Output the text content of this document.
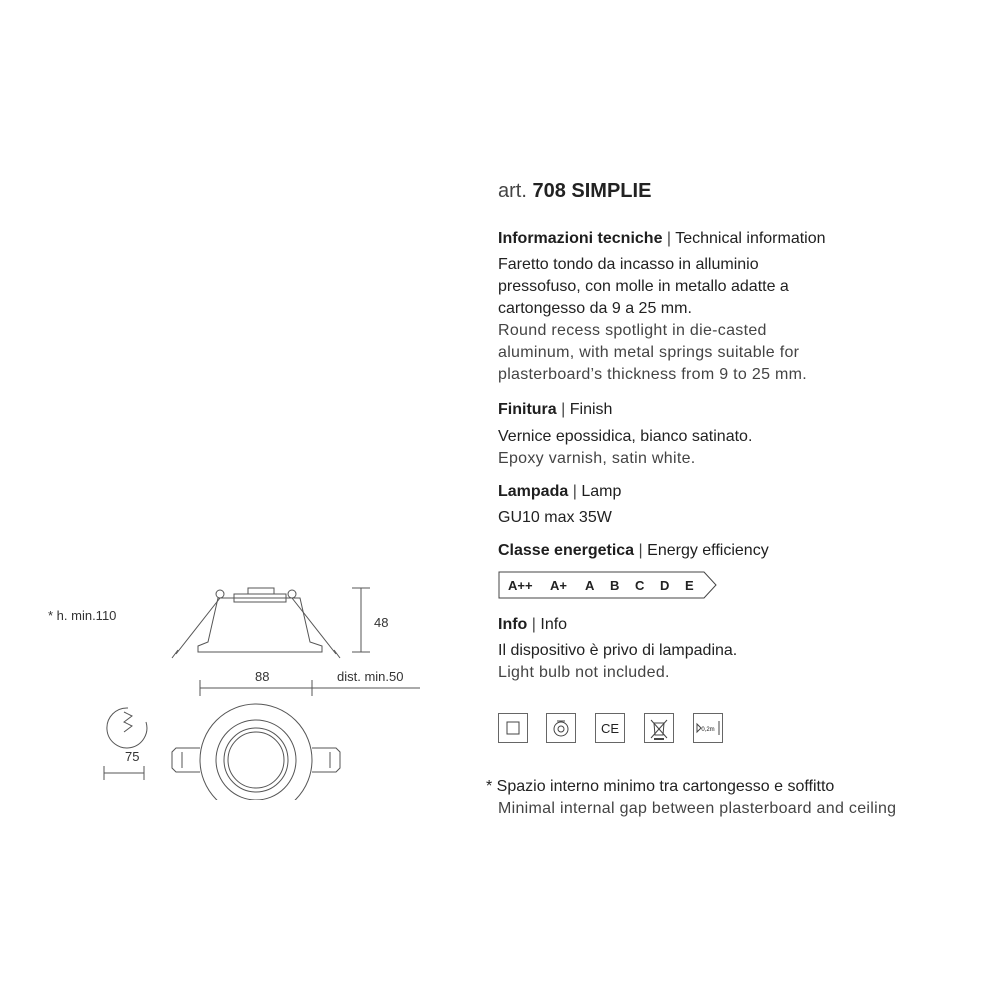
* h. min.110	48
88	dist. min.50
75
art. 708 SIMPLIE
Informazioni tecniche | Technical information
Faretto tondo da incasso in alluminio
pressofuso, con molle in metallo adatte a
cartongesso da 9 a 25 mm.
Round recess spotlight in die-casted
aluminum, with metal springs suitable for
plasterboard’s thickness from 9 to 25 mm.
Finitura | Finish
Vernice epossidica, bianco satinato.
Epoxy varnish, satin white.
Lampada | Lamp
GU10 max 35W
Classe energetica | Energy efficiency
A++ A+ A B C D E
Info | Info
Il dispositivo è privo di lampadina.
Light bulb not included.
CE	0,2m
* Spazio interno minimo tra cartongesso e soffitto
Minimal internal gap between plasterboard and ceiling
